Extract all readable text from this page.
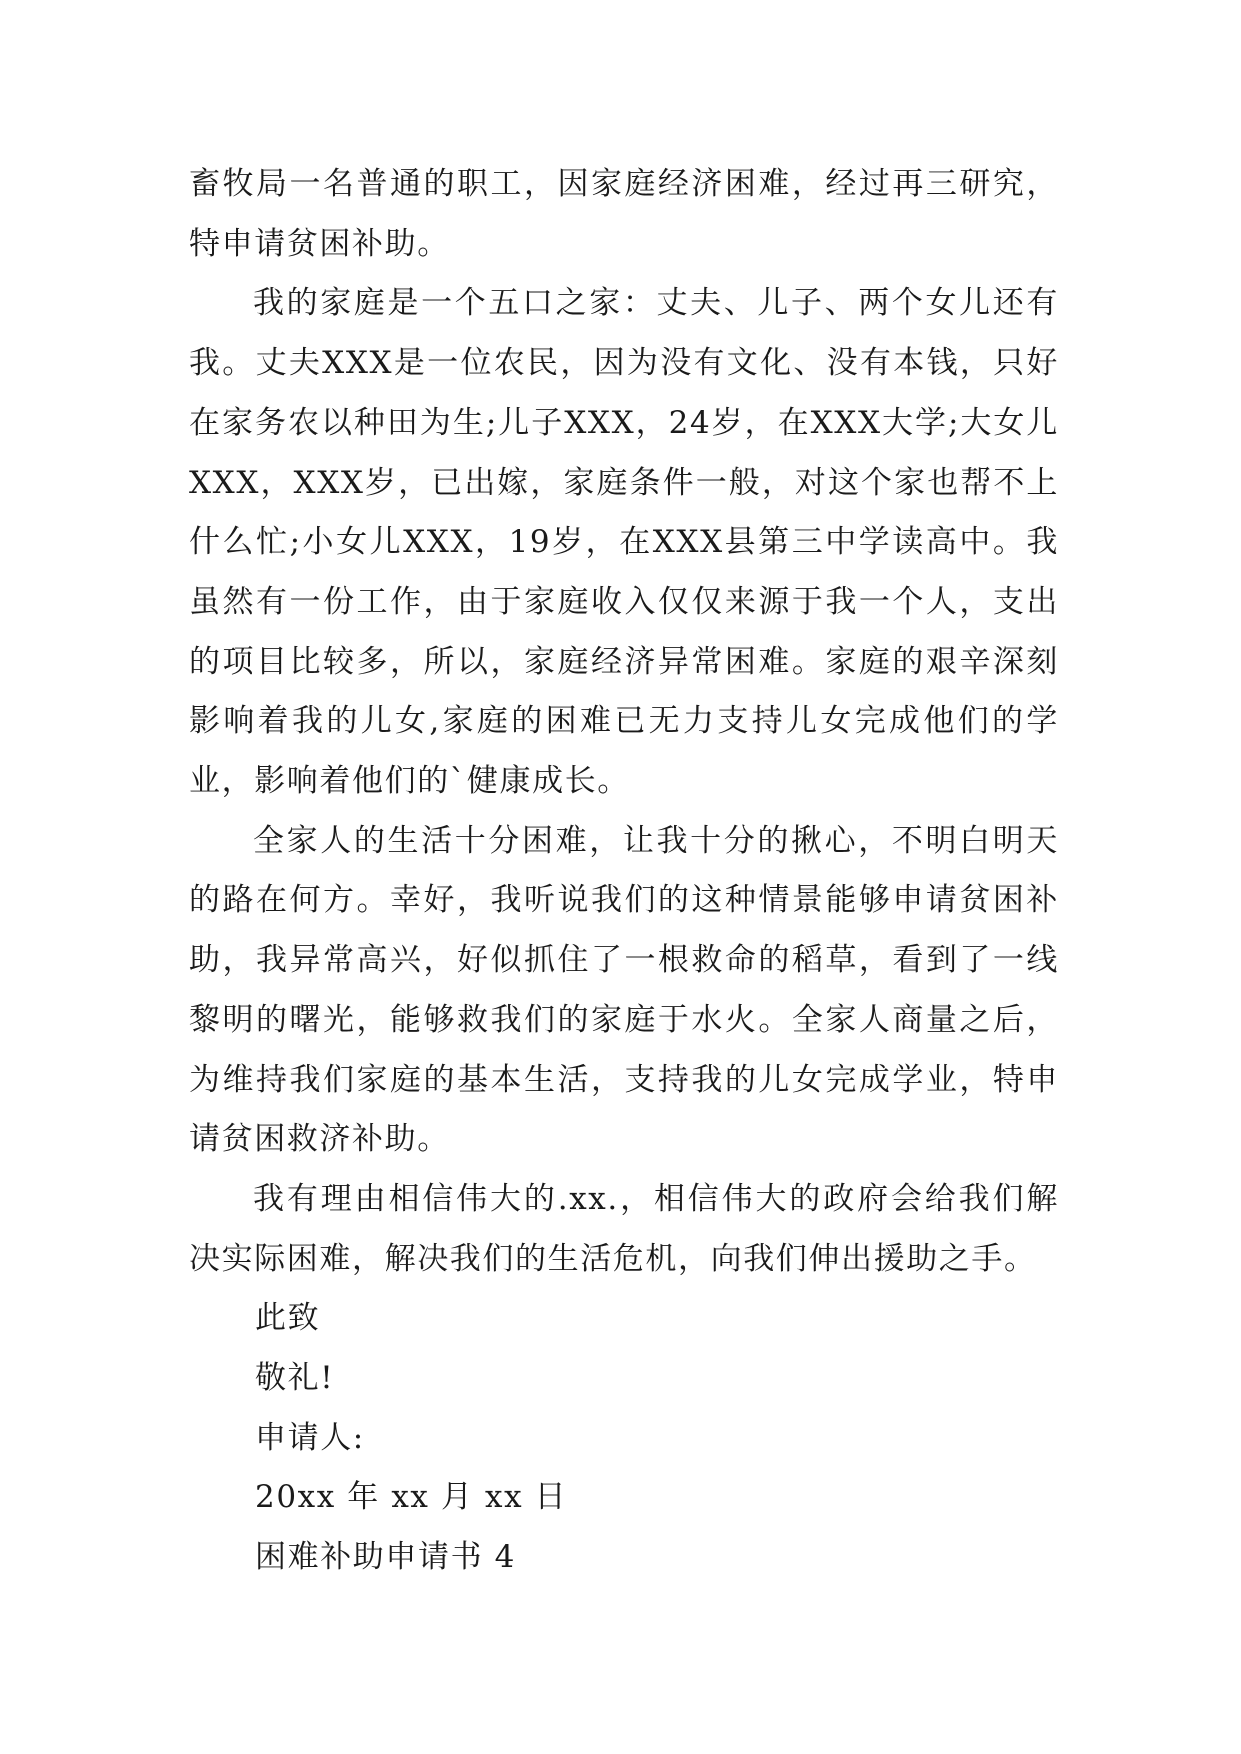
畜牧局一名普通的职工，因家庭经济困难，经过再三研究，特申请贫困补助。

我的家庭是一个五口之家：丈夫、儿子、两个女儿还有我。丈夫XXX是一位农民，因为没有文化、没有本钱，只好在家务农以种田为生;儿子XXX，24岁，在XXX大学;大女儿XXX，XXX岁，已出嫁，家庭条件一般，对这个家也帮不上什么忙;小女儿XXX，19岁，在XXX县第三中学读高中。我虽然有一份工作，由于家庭收入仅仅来源于我一个人，支出的项目比较多，所以，家庭经济异常困难。家庭的艰辛深刻影响着我的儿女,家庭的困难已无力支持儿女完成他们的学业，影响着他们的`健康成长。

全家人的生活十分困难，让我十分的揪心，不明白明天的路在何方。幸好，我听说我们的这种情景能够申请贫困补助，我异常高兴，好似抓住了一根救命的稻草，看到了一线黎明的曙光，能够救我们的家庭于水火。全家人商量之后，为维持我们家庭的基本生活，支持我的儿女完成学业，特申请贫困救济补助。

我有理由相信伟大的.xx.，相信伟大的政府会给我们解决实际困难，解决我们的生活危机，向我们伸出援助之手。

此致

敬礼!

申请人:

20xx 年 xx 月 xx 日

困难补助申请书 4
